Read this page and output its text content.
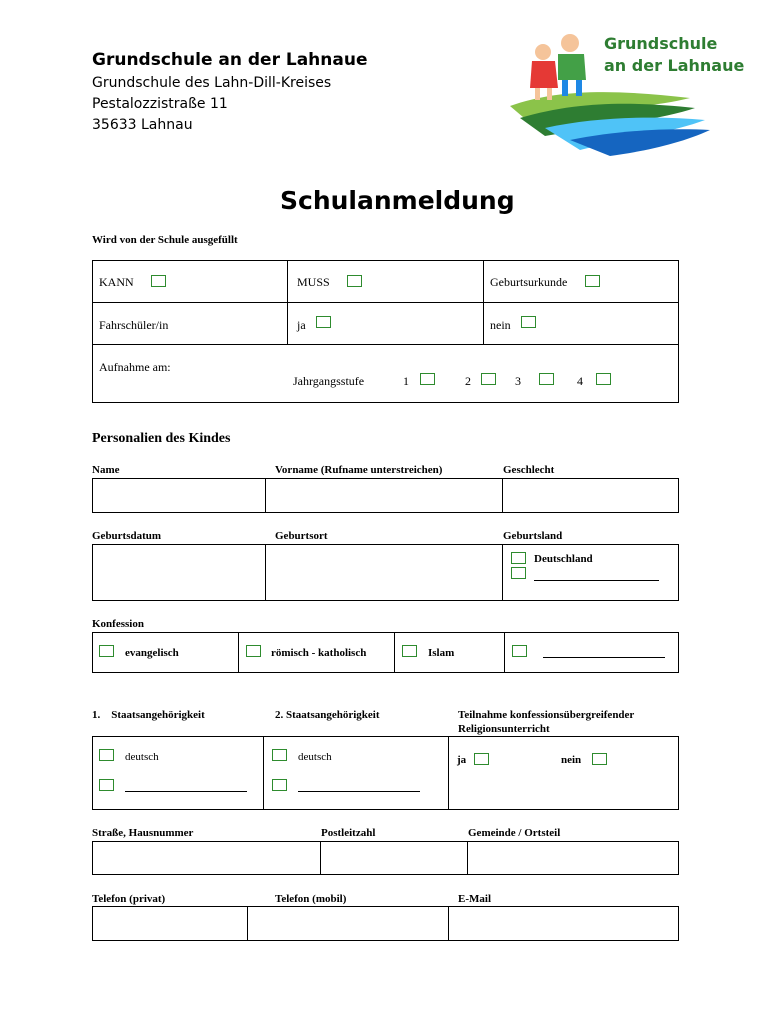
Grundschule an der Lahnaue
Grundschule des Lahn-Dill-Kreises
Pestalozzistraße 11
35633 Lahnau
Grundschule
an der Lahnaue
Schulanmeldung
Wird von der Schule ausgefüllt
KANN	MUSS	Geburtsurkunde
Fahrschüler/in	ja	nein
Aufnahme am:
Jahrgangsstufe	1	2	3	4
Personalien des Kindes
Name	Vorname (Rufname unterstreichen)	Geschlecht
Geburtsdatum	Geburtsort	Geburtsland
Deutschland
Konfession
evangelisch	römisch - katholisch	Islam
1.    Staatsangehörigkeit	2. Staatsangehörigkeit	Teilnahme konfessionsübergreifender
Religionsunterricht
deutsch	deutsch	ja	nein
Straße, Hausnummer	Postleitzahl	Gemeinde / Ortsteil
Telefon (privat)	Telefon (mobil)	E-Mail
